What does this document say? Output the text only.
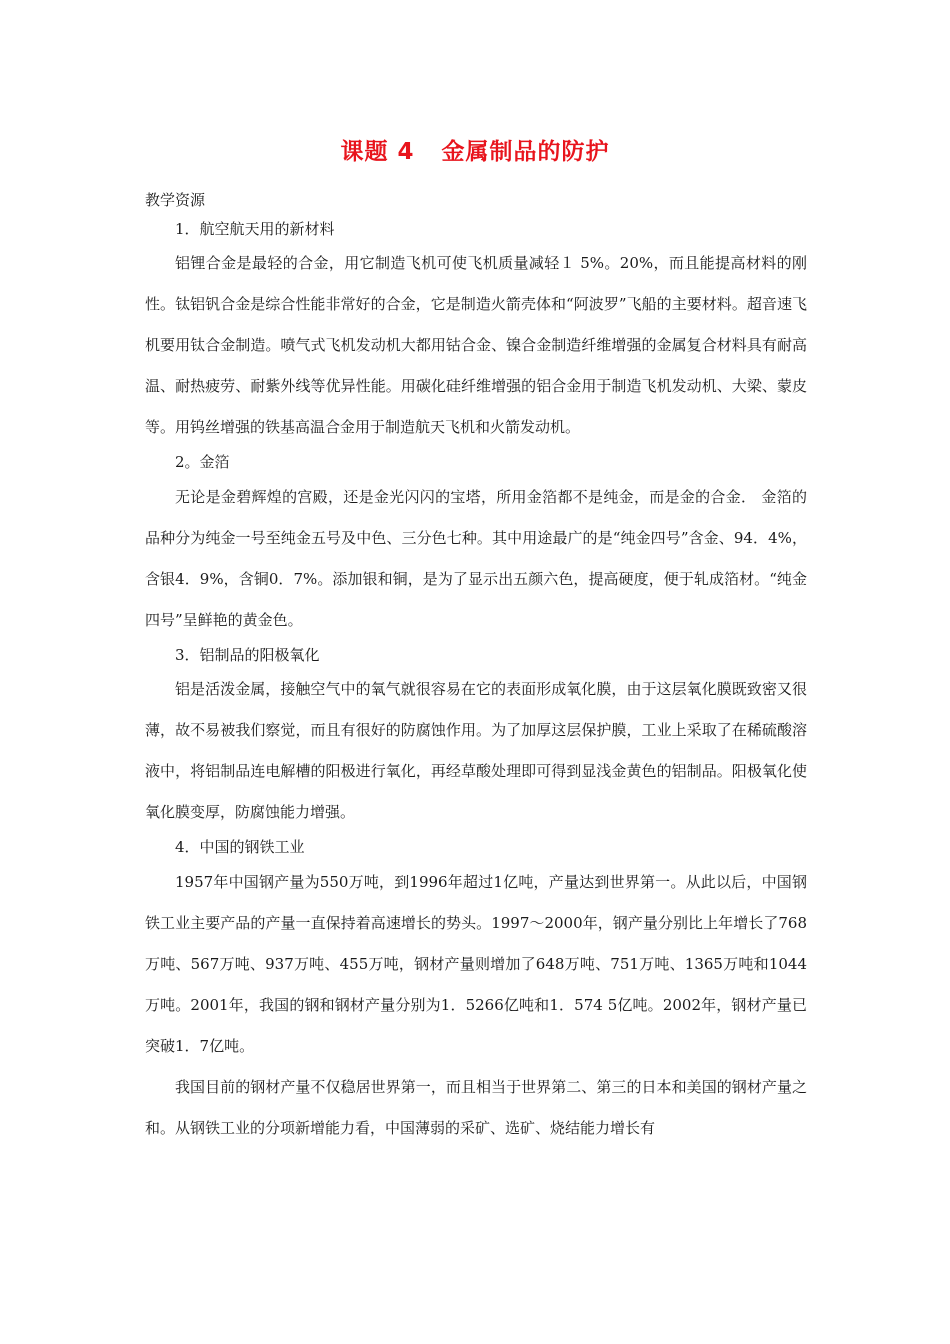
课题 4   金属制品的防护

教学资源

1．航空航天用的新材料

铝锂合金是最轻的合金，用它制造飞机可使飞机质量减轻１ 5%。20%，而且能提高材料的刚性。钛铝钒合金是综合性能非常好的合金，它是制造火箭壳体和“阿波罗”飞船的主要材料。超音速飞机要用钛合金制造。喷气式飞机发动机大都用钴合金、镍合金制造纤维增强的金属复合材料具有耐高温、耐热疲劳、耐紫外线等优异性能。用碳化硅纤维增强的铝合金用于制造飞机发动机、大梁、蒙皮等。用钨丝增强的铁基高温合金用于制造航天飞机和火箭发动机。

2。金箔

无论是金碧辉煌的宫殿，还是金光闪闪的宝塔，所用金箔都不是纯金，而是金的合金． 金箔的品种分为纯金一号至纯金五号及中色、三分色七种。其中用途最广的是“纯金四号”含金、94．4%，含银4．9%，含铜0．7%。添加银和铜，是为了显示出五颜六色，提高硬度，便于轧成箔材。“纯金四号”呈鲜艳的黄金色。

3．铝制品的阳极氧化

铝是活泼金属，接触空气中的氧气就很容易在它的表面形成氧化膜，由于这层氧化膜既致密又很薄，故不易被我们察觉，而且有很好的防腐蚀作用。为了加厚这层保护膜，工业上采取了在稀硫酸溶液中，将铝制品连电解槽的阳极进行氧化，再经草酸处理即可得到显浅金黄色的铝制品。阳极氧化使氧化膜变厚，防腐蚀能力增强。

4．中国的钢铁工业

1957年中国钢产量为550万吨，到1996年超过1亿吨，产量达到世界第一。从此以后，中国钢铁工业主要产品的产量一直保持着高速增长的势头。1997～2000年，钢产量分别比上年增长了768万吨、567万吨、937万吨、455万吨，钢材产量则增加了648万吨、751万吨、1365万吨和1044万吨。2001年，我国的钢和钢材产量分别为1．5266亿吨和1．574 5亿吨。2002年，钢材产量已突破1．7亿吨。

我国目前的钢材产量不仅稳居世界第一，而且相当于世界第二、第三的日本和美国的钢材产量之和。从钢铁工业的分项新增能力看，中国薄弱的采矿、选矿、烧结能力增长有
